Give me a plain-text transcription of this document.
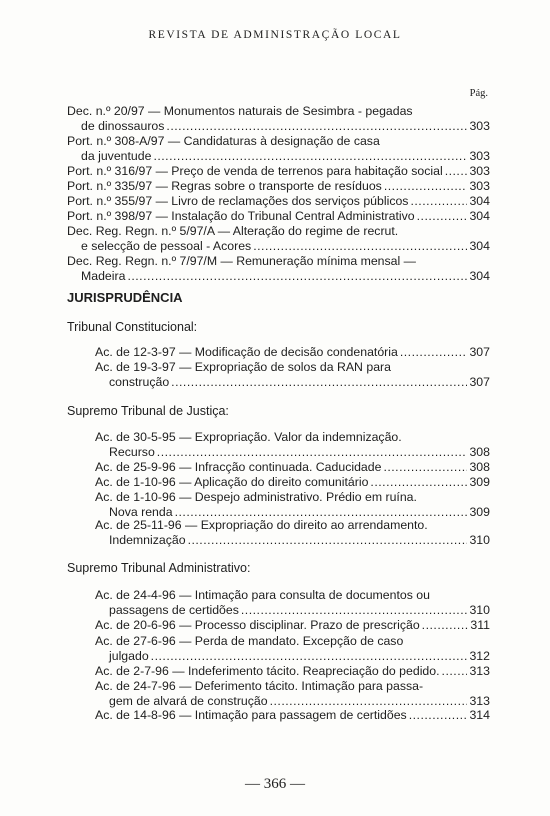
REVISTA DE ADMINISTRAÇÃO LOCAL
Pág.
Dec. n.º 20/97 — Monumentos naturais de Sesimbra - pegadas
de dinossauros .....	303
Port. n.º 308-A/97 — Candidaturas à designação de casa
da juventude .....	303
Port. n.º 316/97 — Preço de venda de terrenos para habitação social ..... 303
Port. n.º 335/97 — Regras sobre o transporte de resíduos .....	303
Port. n.º 355/97 — Livro de reclamações dos serviços públicos .....	304
Port. n.º 398/97 — Instalação do Tribunal Central Administrativo .....	304
Dec. Reg. Regn. n.º 5/97/A — Alteração do regime de recrut.
e selecção de pessoal - Acores .....	304
Dec. Reg. Regn. n.º 7/97/M — Remuneração mínima mensal —
Madeira .....	304
JURISPRUDÊNCIA
Tribunal Constitucional:
Ac. de 12-3-97 — Modificação de decisão condenatória .....	307
Ac. de 19-3-97 — Expropriação de solos da RAN para
construção .....	307
Supremo Tribunal de Justiça:
Ac. de 30-5-95 — Expropriação. Valor da indemnização.
Recurso .....	308
Ac. de 25-9-96 — Infracção continuada. Caducidade .....	308
Ac. de 1-10-96 — Aplicação do direito comunitário .....	309
Ac. de 1-10-96 — Despejo administrativo. Prédio em ruína.
Nova renda .....	309
Ac. de 25-11-96 — Expropriação do direito ao arrendamento.
Indemnização .....	310
Supremo Tribunal Administrativo:
Ac. de 24-4-96 — Intimação para consulta de documentos ou
passagens de certidões .....	310
Ac. de 20-6-96 — Processo disciplinar. Prazo de prescrição .....	311
Ac. de 27-6-96 — Perda de mandato. Excepção de caso
julgado .....	312
Ac. de 2-7-96 — Indeferimento tácito. Reapreciação do pedido. ..... 313
Ac. de 24-7-96 — Deferimento tácito. Intimação para passa-
gem de alvará de construção .....	313
Ac. de 14-8-96 — Intimação para passagem de certidões .....	314
— 366 —
